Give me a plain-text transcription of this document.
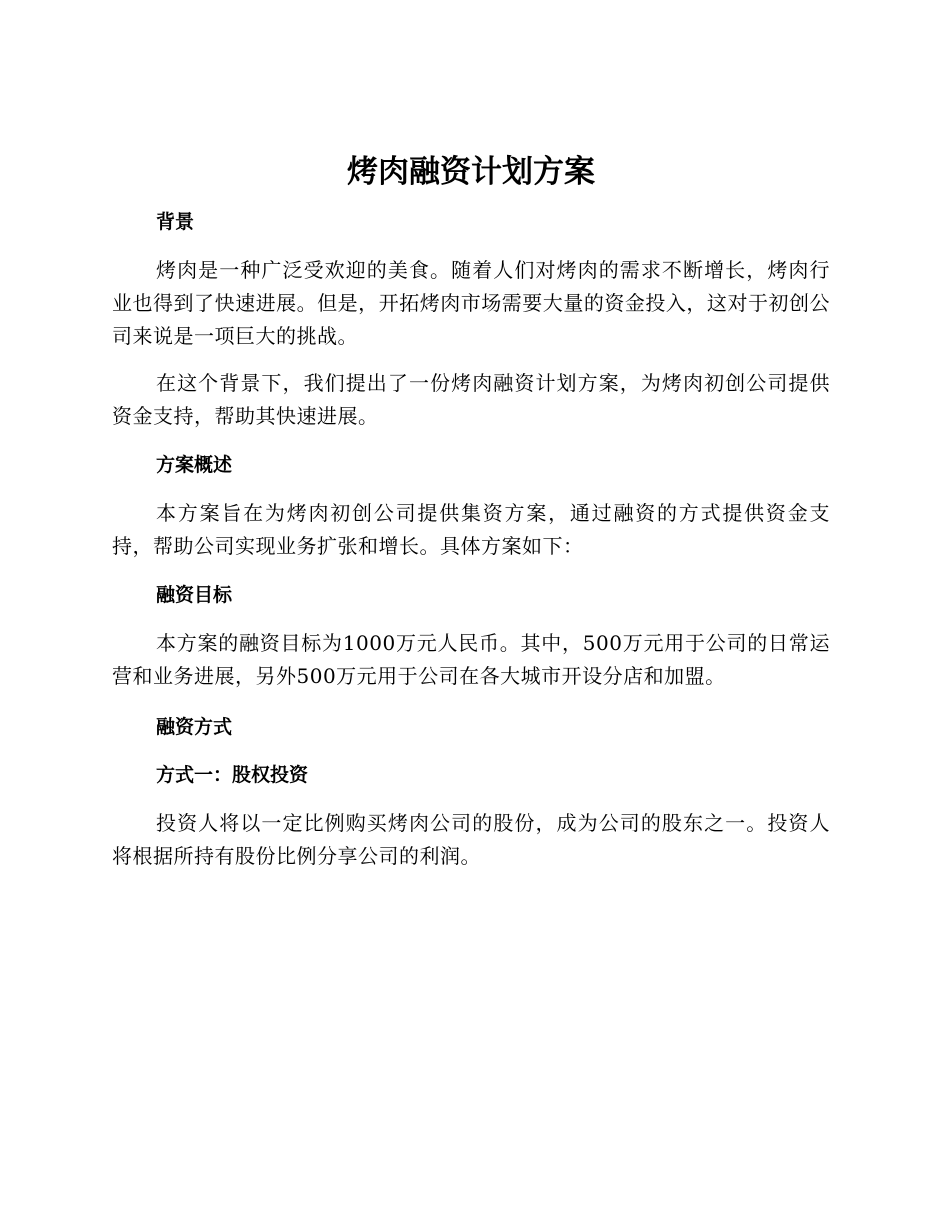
烤肉融资计划方案
背景

烤肉是一种广泛受欢迎的美食。随着人们对烤肉的需求不断增长，烤肉行业也得到了快速进展。但是，开拓烤肉市场需要大量的资金投入，这对于初创公司来说是一项巨大的挑战。

在这个背景下，我们提出了一份烤肉融资计划方案，为烤肉初创公司提供资金支持，帮助其快速进展。

方案概述

本方案旨在为烤肉初创公司提供集资方案，通过融资的方式提供资金支持，帮助公司实现业务扩张和增长。具体方案如下：

融资目标

本方案的融资目标为1000万元人民币。其中，500万元用于公司的日常运营和业务进展，另外500万元用于公司在各大城市开设分店和加盟。

融资方式
方式一：股权投资

投资人将以一定比例购买烤肉公司的股份，成为公司的股东之一。投资人将根据所持有股份比例分享公司的利润。
